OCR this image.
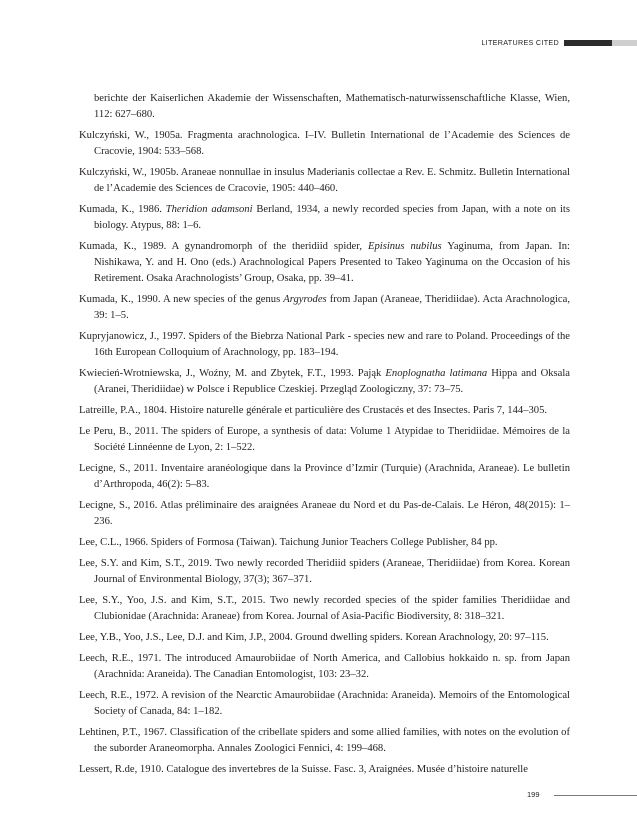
LITERATURES CITED

berichte der Kaiserlichen Akademie der Wissenschaften, Mathematisch-naturwissenschaftliche Klasse, Wien, 112: 627–680.

Kulczyński, W., 1905a. Fragmenta arachnologica. I–IV. Bulletin International de l’Academie des Sciences de Cracovie, 1904: 533–568.

Kulczyński, W., 1905b. Araneae nonnullae in insulus Maderianis collectae a Rev. E. Schmitz. Bulletin International de l’Academie des Sciences de Cracovie, 1905: 440–460.

Kumada, K., 1986. Theridion adamsoni Berland, 1934, a newly recorded species from Japan, with a note on its biology. Atypus, 88: 1–6.

Kumada, K., 1989. A gynandromorph of the theridiid spider, Episinus nubilus Yaginuma, from Japan. In: Nishikawa, Y. and H. Ono (eds.) Arachnological Papers Presented to Takeo Yaginuma on the Occasion of his Retirement. Osaka Arachnologists’ Group, Osaka, pp. 39–41.

Kumada, K., 1990. A new species of the genus Argyrodes from Japan (Araneae, Theridiidae). Acta Arachnologica, 39: 1–5.

Kupryjanowicz, J., 1997. Spiders of the Biebrza National Park - species new and rare to Poland. Proceedings of the 16th European Colloquium of Arachnology, pp. 183–194.

Kwiecień-Wrotniewska, J., Woźny, M. and Zbytek, F.T., 1993. Pająk Enoplognatha latimana Hippa and Oksala (Aranei, Theridiidae) w Polsce i Republice Czeskiej. Przegląd Zoologiczny, 37: 73–75.

Latreille, P.A., 1804. Histoire naturelle générale et particulière des Crustacés et des Insectes. Paris 7, 144–305.

Le Peru, B., 2011. The spiders of Europe, a synthesis of data: Volume 1 Atypidae to Theridiidae. Mémoires de la Société Linnéenne de Lyon, 2: 1–522.

Lecigne, S., 2011. Inventaire aranéologique dans la Province d’Izmir (Turquie) (Arachnida, Araneae). Le bulletin d’Arthropoda, 46(2): 5–83.

Lecigne, S., 2016. Atlas préliminaire des araignées Araneae du Nord et du Pas-de-Calais. Le Héron, 48(2015): 1–236.

Lee, C.L., 1966. Spiders of Formosa (Taiwan). Taichung Junior Teachers College Publisher, 84 pp.

Lee, S.Y. and Kim, S.T., 2019. Two newly recorded Theridiid spiders (Araneae, Theridiidae) from Korea. Korean Journal of Environmental Biology, 37(3); 367–371.

Lee, S.Y., Yoo, J.S. and Kim, S.T., 2015. Two newly recorded species of the spider families Theridiidae and Clubionidae (Arachnida: Araneae) from Korea. Journal of Asia-Pacific Biodiversity, 8: 318–321.

Lee, Y.B., Yoo, J.S., Lee, D.J. and Kim, J.P., 2004. Ground dwelling spiders. Korean Arachnology, 20: 97–115.

Leech, R.E., 1971. The introduced Amaurobiidae of North America, and Callobius hokkaido n. sp. from Japan (Arachnida: Araneida). The Canadian Entomologist, 103: 23–32.

Leech, R.E., 1972. A revision of the Nearctic Amaurobiidae (Arachnida: Araneida). Memoirs of the Entomological Society of Canada, 84: 1–182.

Lehtinen, P.T., 1967. Classification of the cribellate spiders and some allied families, with notes on the evolution of the suborder Araneomorpha. Annales Zoologici Fennici, 4: 199–468.

Lessert, R.de, 1910. Catalogue des invertebres de la Suisse. Fasc. 3, Araignées. Musée d’histoire naturelle

199
